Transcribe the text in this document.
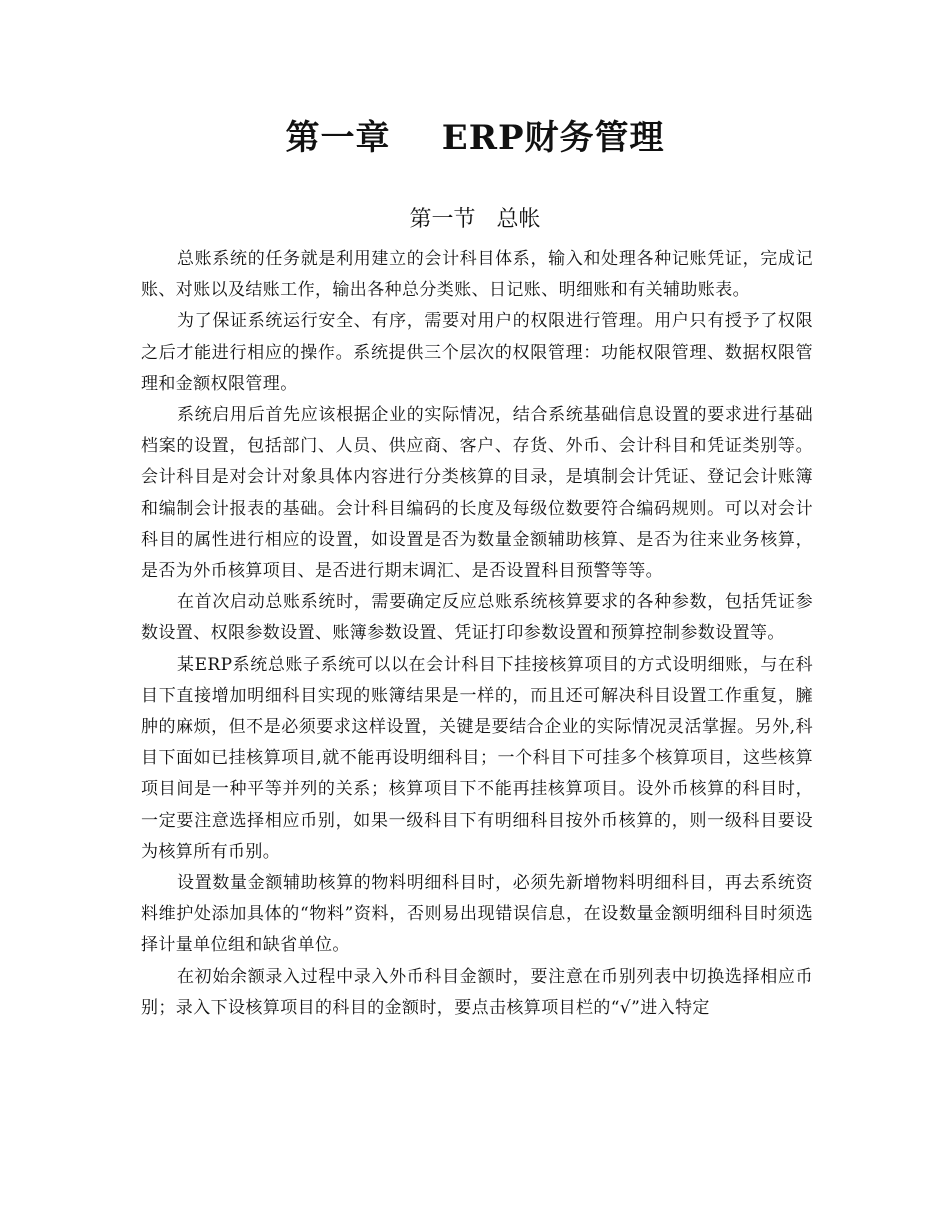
第一章    ERP财务管理
第一节   总帐

总账系统的任务就是利用建立的会计科目体系，输入和处理各种记账凭证，完成记账、对账以及结账工作，输出各种总分类账、日记账、明细账和有关辅助账表。

为了保证系统运行安全、有序，需要对用户的权限进行管理。用户只有授予了权限之后才能进行相应的操作。系统提供三个层次的权限管理：功能权限管理、数据权限管理和金额权限管理。

系统启用后首先应该根据企业的实际情况，结合系统基础信息设置的要求进行基础档案的设置，包括部门、人员、供应商、客户、存货、外币、会计科目和凭证类别等。会计科目是对会计对象具体内容进行分类核算的目录，是填制会计凭证、登记会计账簿和编制会计报表的基础。会计科目编码的长度及每级位数要符合编码规则。可以对会计科目的属性进行相应的设置，如设置是否为数量金额辅助核算、是否为往来业务核算，是否为外币核算项目、是否进行期末调汇、是否设置科目预警等等。

在首次启动总账系统时，需要确定反应总账系统核算要求的各种参数，包括凭证参数设置、权限参数设置、账簿参数设置、凭证打印参数设置和预算控制参数设置等。

某ERP系统总账子系统可以以在会计科目下挂接核算项目的方式设明细账，与在科目下直接增加明细科目实现的账簿结果是一样的，而且还可解决科目设置工作重复，臃肿的麻烦，但不是必须要求这样设置，关键是要结合企业的实际情况灵活掌握。另外,科目下面如已挂核算项目,就不能再设明细科目；一个科目下可挂多个核算项目，这些核算项目间是一种平等并列的关系；核算项目下不能再挂核算项目。设外币核算的科目时，一定要注意选择相应币别，如果一级科目下有明细科目按外币核算的，则一级科目要设为核算所有币别。

设置数量金额辅助核算的物料明细科目时，必须先新增物料明细科目，再去系统资料维护处添加具体的“物料”资料，否则易出现错误信息，在设数量金额明细科目时须选择计量单位组和缺省单位。

在初始余额录入过程中录入外币科目金额时，要注意在币别列表中切换选择相应币别；录入下设核算项目的科目的金额时，要点击核算项目栏的“√”进入特定
